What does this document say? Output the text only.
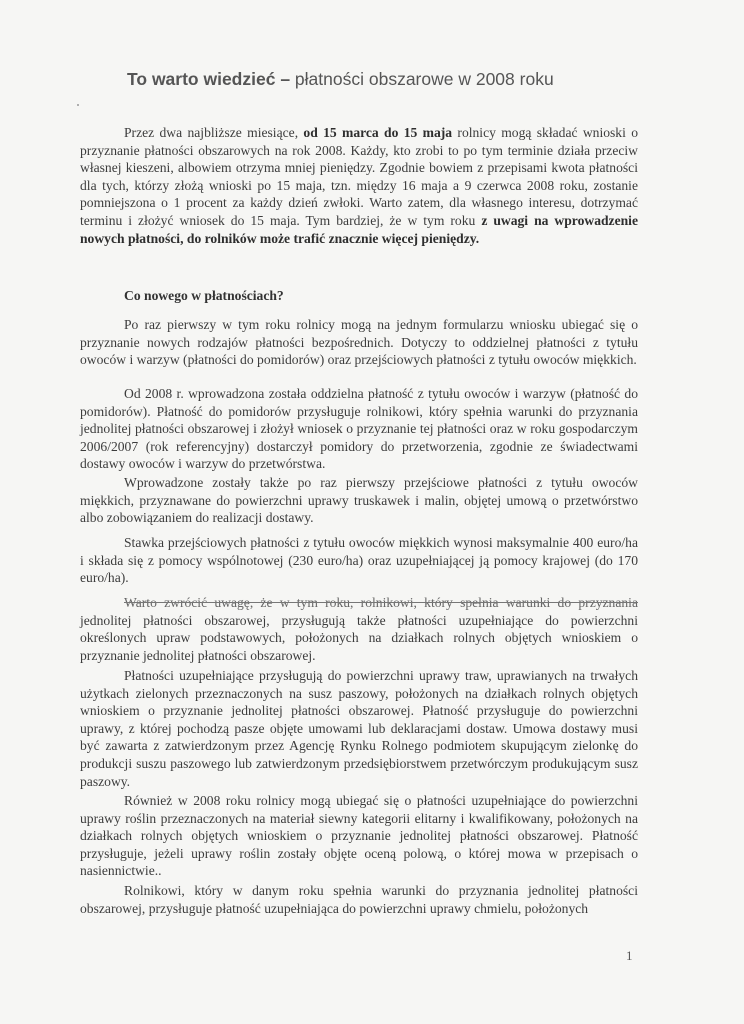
To warto wiedzieć – płatności obszarowe w 2008 roku

Przez dwa najbliższe miesiące, od 15 marca do 15 maja rolnicy mogą składać wnioski o przyznanie płatności obszarowych na rok 2008. Każdy, kto zrobi to po tym terminie działa przeciw własnej kieszeni, albowiem otrzyma mniej pieniędzy. Zgodnie bowiem z przepisami kwota płatności dla tych, którzy złożą wnioski po 15 maja, tzn. między 16 maja a 9 czerwca 2008 roku, zostanie pomniejszona o 1 procent za każdy dzień zwłoki. Warto zatem, dla własnego interesu, dotrzymać terminu i złożyć wniosek do 15 maja. Tym bardziej, że w tym roku z uwagi na wprowadzenie nowych płatności, do rolników może trafić znacznie więcej pieniędzy.

Co nowego w płatnościach?

Po raz pierwszy w tym roku rolnicy mogą na jednym formularzu wniosku ubiegać się o przyznanie nowych rodzajów płatności bezpośrednich. Dotyczy to oddzielnej płatności z tytułu owoców i warzyw (płatności do pomidorów) oraz przejściowych płatności z tytułu owoców miękkich.

Od 2008 r. wprowadzona została oddzielna płatność z tytułu owoców i warzyw (płatność do pomidorów). Płatność do pomidorów przysługuje rolnikowi, który spełnia warunki do przyznania jednolitej płatności obszarowej i złożył wniosek o przyznanie tej płatności oraz w roku gospodarczym 2006/2007 (rok referencyjny) dostarczył pomidory do przetworzenia, zgodnie ze świadectwami dostawy owoców i warzyw do przetwórstwa.

Wprowadzone zostały także po raz pierwszy przejściowe płatności z tytułu owoców miękkich, przyznawane do powierzchni uprawy truskawek i malin, objętej umową o przetwórstwo albo zobowiązaniem do realizacji dostawy.

Stawka przejściowych płatności z tytułu owoców miękkich wynosi maksymalnie 400 euro/ha i składa się z pomocy wspólnotowej (230 euro/ha) oraz uzupełniającej ją pomocy krajowej (do 170 euro/ha).

Warto zwrócić uwagę, że w tym roku, rolnikowi, który spełnia warunki do przyznania jednolitej płatności obszarowej, przysługują także płatności uzupełniające do powierzchni określonych upraw podstawowych, położonych na działkach rolnych objętych wnioskiem o przyznanie jednolitej płatności obszarowej.

Płatności uzupełniające przysługują do powierzchni uprawy traw, uprawianych na trwałych użytkach zielonych przeznaczonych na susz paszowy, położonych na działkach rolnych objętych wnioskiem o przyznanie jednolitej płatności obszarowej. Płatność przysługuje do powierzchni uprawy, z której pochodzą pasze objęte umowami lub deklaracjami dostaw. Umowa dostawy musi być zawarta z zatwierdzonym przez Agencję Rynku Rolnego podmiotem skupującym zielonkę do produkcji suszu paszowego lub zatwierdzonym przedsiębiorstwem przetwórczym produkującym susz paszowy.

Również w 2008 roku rolnicy mogą ubiegać się o płatności uzupełniające do powierzchni uprawy roślin przeznaczonych na materiał siewny kategorii elitarny i kwalifikowany, położonych na działkach rolnych objętych wnioskiem o przyznanie jednolitej płatności obszarowej. Płatność przysługuje, jeżeli uprawy roślin zostały objęte oceną polową, o której mowa w przepisach o nasiennictwie..

Rolnikowi, który w danym roku spełnia warunki do przyznania jednolitej płatności obszarowej, przysługuje płatność uzupełniająca do powierzchni uprawy chmielu, położonych

1
